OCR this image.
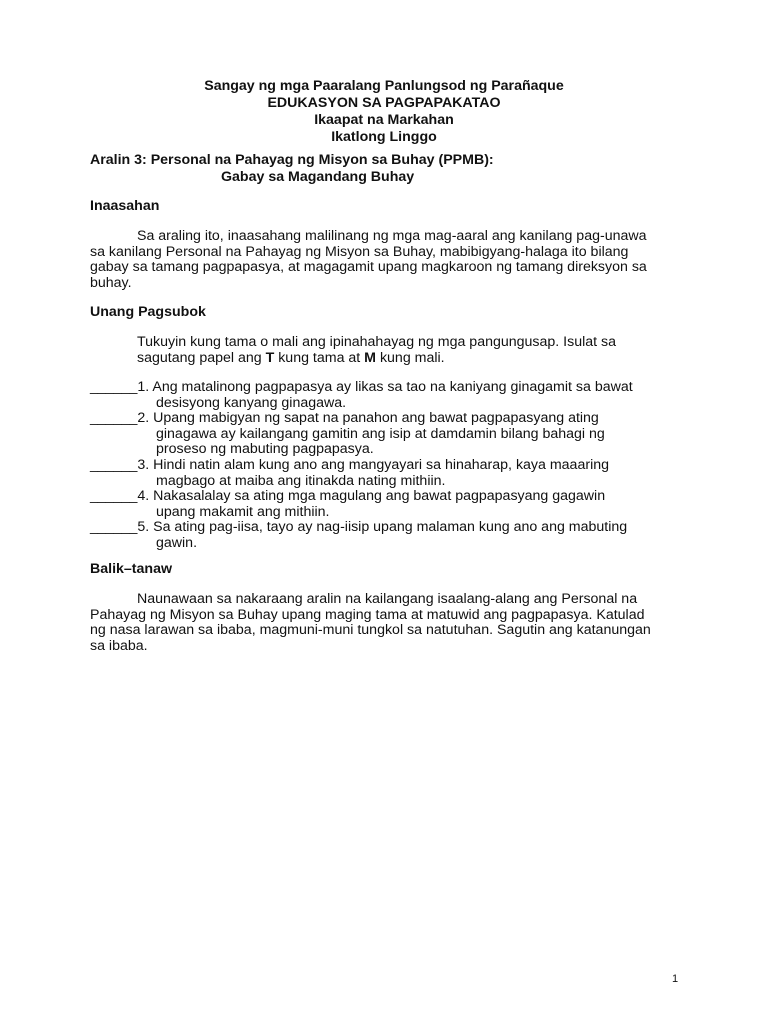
Sangay ng mga Paaralang Panlungsod ng Parañaque
EDUKASYON SA PAGPAPAKATAO
Ikaapat na Markahan
Ikatlong Linggo
Aralin 3: Personal na Pahayag ng Misyon sa Buhay (PPMB):
Gabay sa Magandang Buhay
Inaasahan
Sa araling ito, inaasahang malilinang ng mga mag-aaral ang kanilang pag-unawa
sa kanilang Personal na Pahayag ng Misyon sa Buhay, mabibigyang-halaga ito bilang
gabay sa tamang pagpapasya, at magagamit upang magkaroon ng tamang direksyon sa
buhay.
Unang Pagsubok
Tukuyin kung tama o mali ang ipinahahayag ng mga pangungusap. Isulat sa
sagutang papel ang T kung tama at M kung mali.
______1. Ang matalinong pagpapasya ay likas sa tao na kaniyang ginagamit sa bawat
desisyong kanyang ginagawa.
______2. Upang mabigyan ng sapat na panahon ang bawat pagpapasyang ating
ginagawa ay kailangang gamitin ang isip at damdamin bilang bahagi ng
proseso ng mabuting pagpapasya.
______3. Hindi natin alam kung ano ang mangyayari sa hinaharap, kaya maaaring
magbago at maiba ang itinakda nating mithiin.
______4. Nakasalalay sa ating mga magulang ang bawat pagpapasyang gagawin
upang makamit ang mithiin.
______5. Sa ating pag-iisa, tayo ay nag-iisip upang malaman kung ano ang mabuting
gawin.
Balik–tanaw
Naunawaan sa nakaraang aralin na kailangang isaalang-alang ang Personal na
Pahayag ng Misyon sa Buhay upang maging tama at matuwid ang pagpapasya. Katulad
ng nasa larawan sa ibaba, magmuni-muni tungkol sa natutuhan. Sagutin ang katanungan
sa ibaba.
1
